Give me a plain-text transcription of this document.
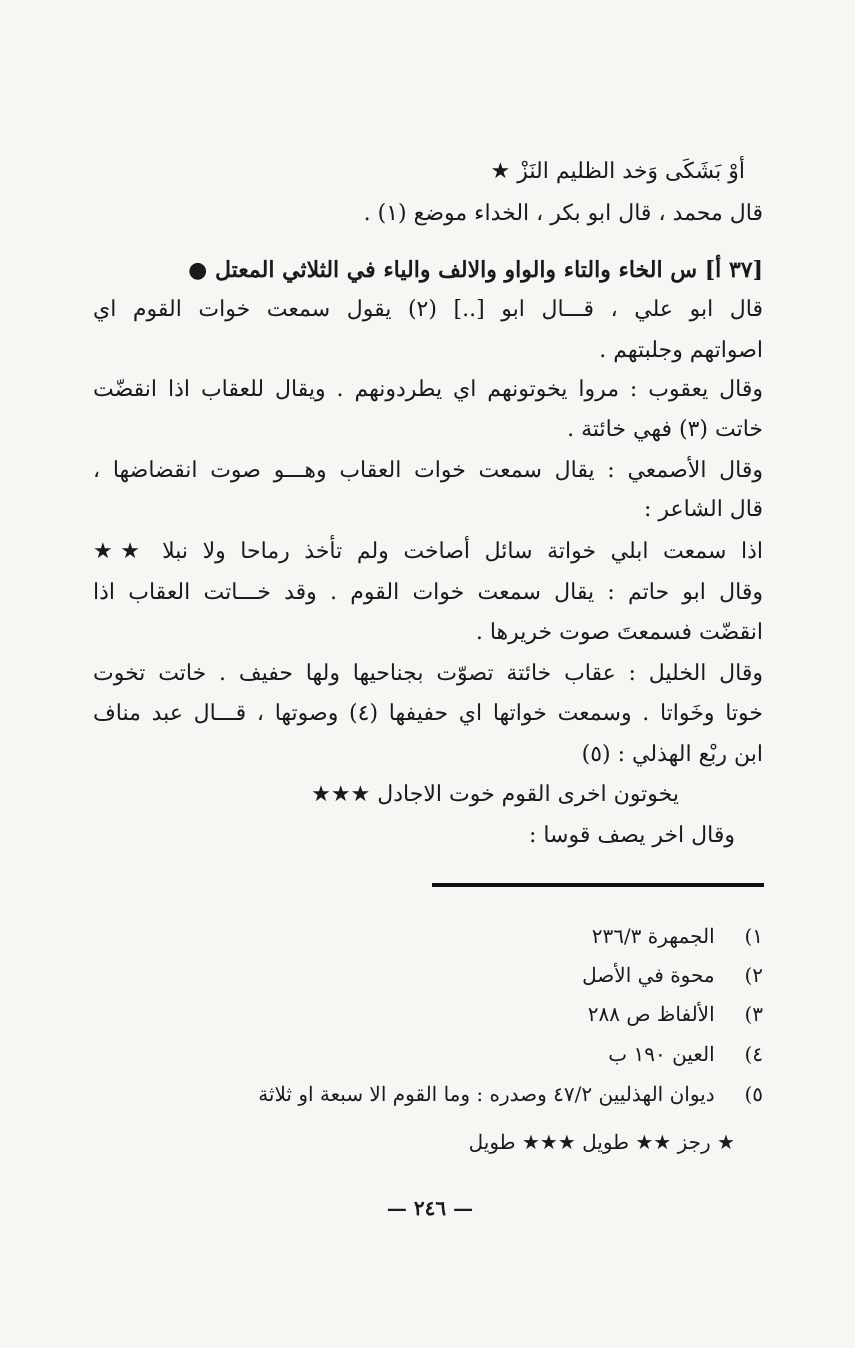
أوْ بَشَكَى وَخد الظليم النَزْ ★
قال محمد ، قال ابو بكر ، الخداء موضع (١) .
[٣٧ أ] س الخاء والتاء والواو والالف والياء في الثلاثي المعتل ●
قال ابو علي ، قـــال ابو [..] (٢) يقول سمعت خوات القوم اي
اصواتهم وجلبتهم .
وقال يعقوب : مروا يخوتونهم اي يطردونهم . ويقال للعقاب اذا انقضّت
خاتت (٣) فهي خائتة .
وقال الأصمعي : يقال سمعت خوات العقاب وهـــو صوت انقضاضها ،
قال الشاعر :
اذا سمعت ابلي خواتة سائل أصاخت ولم تأخذ رماحا ولا نبلا ★★
وقال ابو حاتم : يقال سمعت خوات القوم . وقد خـــاتت العقاب اذا
انقضّت فسمعتَ صوت خريرها .
وقال الخليل : عقاب خائتة تصوّت بجناحيها ولها حفيف . خاتت تخوت
خوتا وخَواتا . وسمعت خواتها اي حفيفها (٤) وصوتها ، قـــال عبد مناف
ابن ربْع الهذلي : (٥)
يخوتون اخرى القوم خوت الاجادل ★★★
وقال اخر يصف قوسا :
١) الجمهرة ٢٣٦/٣
٢) محوة في الأصل
٣) الألفاظ ص ٢٨٨
٤) العين ١٩٠ ب
٥) ديوان الهذليين ٤٧/٢ وصدره : وما القوم الا سبعة او ثلاثة
★ رجز ★★ طويل ★★★ طويل
— ٢٤٦ —
